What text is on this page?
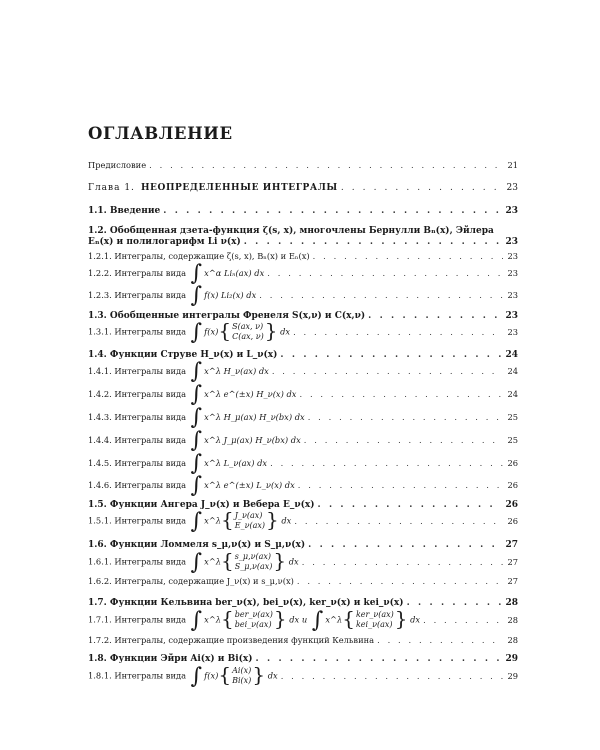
ОГЛАВЛЕНИЕ
Предисловие . . .	21
Глава 1. НЕОПРЕДЕЛЕННЫЕ ИНТЕГРАЛЫ . . .	23
1.1. Введение . . .	23
1.2. Обобщенная дзета-функция ζ(s, x), многочлены Бернулли Bₙ(x), Эйлера
Eₙ(x) и полилогарифм Li ν(x) . . .	23
1.2.1. Интегралы, содержащие ζ(s, x), Bₙ(x) и Eₙ(x) . . .	23
1.2.2. Интегралы вида ∫ x^α Liₙ(ax) dx . . .	23
1.2.3. Интегралы вида ∫ f(x) Li₂(x) dx . . .	23
1.3. Обобщенные интегралы Френеля S(x,ν) и C(x,ν) . . .	23
1.3.1. Интегралы вида ∫ f(x){ S(ax, ν)
C(ax, ν) } dx . . .	23
1.4. Функции Струве H_ν(x) и L_ν(x) . . .	24
1.4.1. Интегралы вида ∫ x^λ H_ν(ax) dx . . .	24
1.4.2. Интегралы вида ∫ x^λ e^(±x) H_ν(x) dx . . .	24
1.4.3. Интегралы вида ∫ x^λ H_μ(ax) H_ν(bx) dx . . .	25
1.4.4. Интегралы вида ∫ x^λ J_μ(ax) H_ν(bx) dx . . .	25
1.4.5. Интегралы вида ∫ x^λ L_ν(ax) dx . . .	26
1.4.6. Интегралы вида ∫ x^λ e^(±x) L_ν(x) dx . . .	26
1.5. Функции Ангера J_ν(x) и Вебера E_ν(x) . . .	26
1.5.1. Интегралы вида ∫ x^λ{ J_ν(ax)
E_ν(ax) } dx . . .	26
1.6. Функции Ломмеля s_μ,ν(x) и S_μ,ν(x) . . .	27
1.6.1. Интегралы вида ∫ x^λ{ s_μ,ν(ax)
S_μ,ν(ax) } dx . . .	27
1.6.2. Интегралы, содержащие J_ν(x) и s_μ,ν(x) . . .	27
1.7. Функции Кельвина ber_ν(x), bei_ν(x), ker_ν(x) и kei_ν(x) . . .	28
1.7.1. Интегралы вида ∫ x^λ{ ber_ν(ax)
bei_ν(ax) } dx и ∫ x^λ{ ker_ν(ax)
kei_ν(ax) } dx . . .	28
1.7.2. Интегралы, содержащие произведения функций Кельвина . . .	28
1.8. Функции Эйри Ai(x) и Bi(x) . . .	29
1.8.1. Интегралы вида ∫ f(x){ Ai(x)
Bi(x) } dx . . .	29
